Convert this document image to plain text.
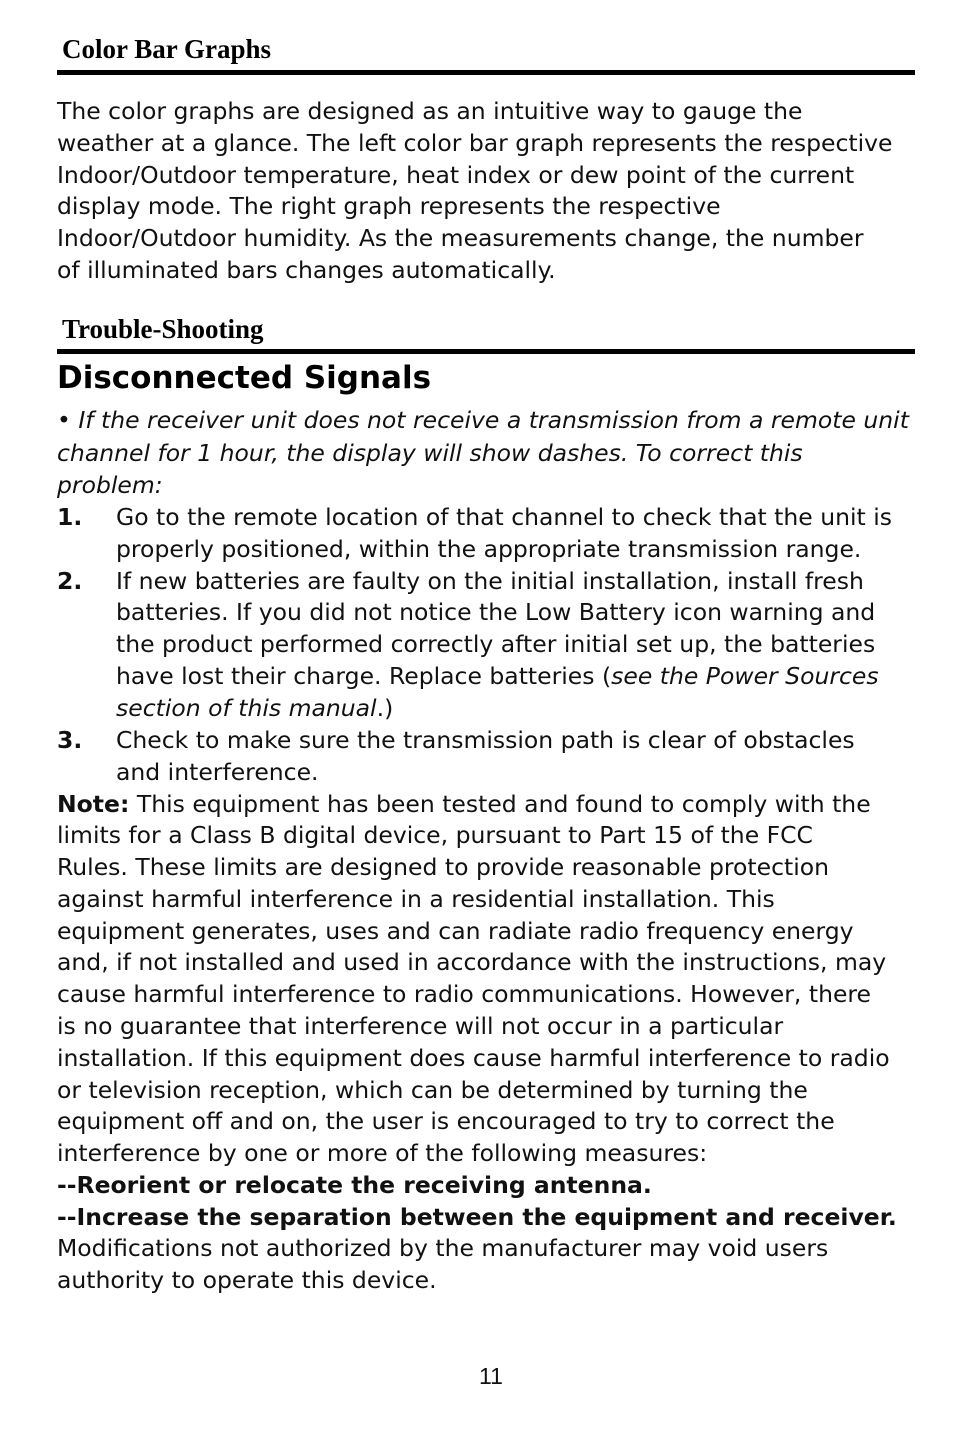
Color Bar Graphs
The color graphs are designed as an intuitive way to gauge the
weather at a glance. The left color bar graph represents the respective
Indoor/Outdoor temperature, heat index or dew point of the current
display mode. The right graph represents the respective
Indoor/Outdoor humidity. As the measurements change, the number
of illuminated bars changes automatically.
Trouble-Shooting
Disconnected Signals
• If the receiver unit does not receive a transmission from a remote unit
channel for 1 hour, the display will show dashes. To correct this
problem:
1. Go to the remote location of that channel to check that the unit is
properly positioned, within the appropriate transmission range.
2. If new batteries are faulty on the initial installation, install fresh
batteries. If you did not notice the Low Battery icon warning and
the product performed correctly after initial set up, the batteries
have lost their charge. Replace batteries (see the Power Sources
section of this manual.)
3. Check to make sure the transmission path is clear of obstacles
and interference.
Note: This equipment has been tested and found to comply with the
limits for a Class B digital device, pursuant to Part 15 of the FCC
Rules. These limits are designed to provide reasonable protection
against harmful interference in a residential installation. This
equipment generates, uses and can radiate radio frequency energy
and, if not installed and used in accordance with the instructions, may
cause harmful interference to radio communications. However, there
is no guarantee that interference will not occur in a particular
installation. If this equipment does cause harmful interference to radio
or television reception, which can be determined by turning the
equipment off and on, the user is encouraged to try to correct the
interference by one or more of the following measures:
--Reorient or relocate the receiving antenna.
--Increase the separation between the equipment and receiver.
Modifications not authorized by the manufacturer may void users
authority to operate this device.
11
